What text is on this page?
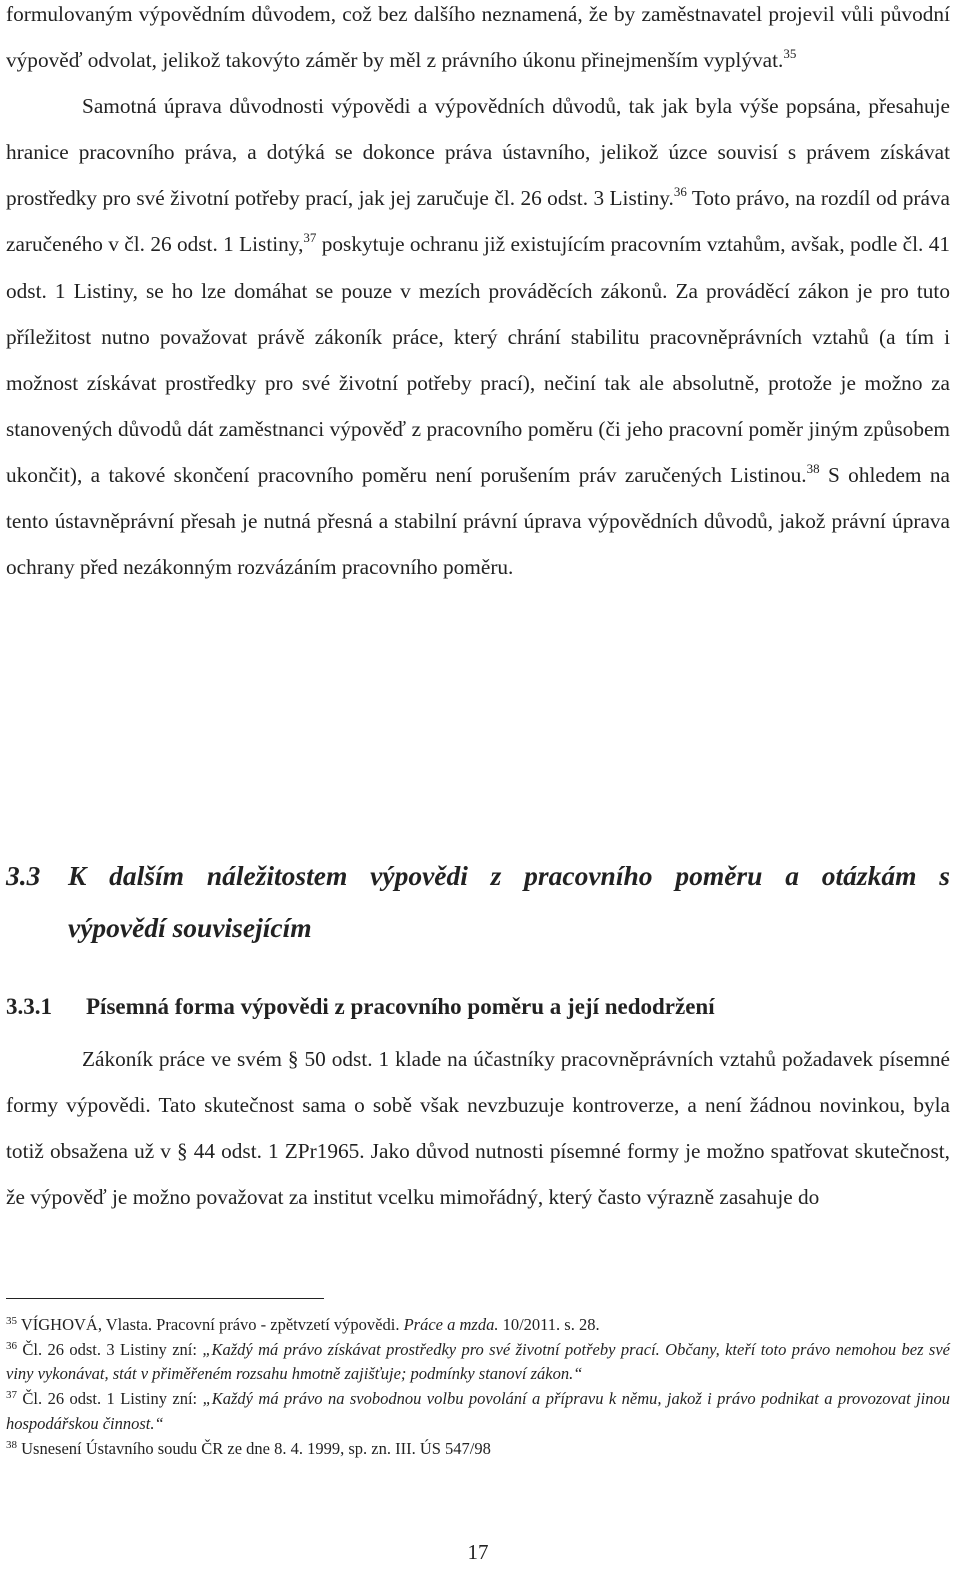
formulovaným výpovědním důvodem, což bez dalšího neznamená, že by zaměstnavatel projevil vůli původní výpověď odvolat, jelikož takovýto záměr by měl z právního úkonu přinejmenším vyplývat.$^{35}$

Samotná úprava důvodnosti výpovědi a výpovědních důvodů, tak jak byla výše popsána, přesahuje hranice pracovního práva, a dotýká se dokonce práva ústavního, jelikož úzce souvisí s právem získávat prostředky pro své životní potřeby prací, jak jej zaručuje čl. 26 odst. 3 Listiny.$^{36}$ Toto právo, na rozdíl od práva zaručeného v čl. 26 odst. 1 Listiny,$^{37}$ poskytuje ochranu již existujícím pracovním vztahům, avšak, podle čl. 41 odst. 1 Listiny, se ho lze domáhat se pouze v mezích prováděcích zákonů. Za prováděcí zákon je pro tuto příležitost nutno považovat právě zákoník práce, který chrání stabilitu pracovněprávních vztahů (a tím i možnost získávat prostředky pro své životní potřeby prací), nečiní tak ale absolutně, protože je možno za stanovených důvodů dát zaměstnanci výpověď z pracovního poměru (či jeho pracovní poměr jiným způsobem ukončit), a takové skončení pracovního poměru není porušením práv zaručených Listinou.$^{38}$ S ohledem na tento ústavněprávní přesah je nutná přesná a stabilní právní úprava výpovědních důvodů, jakož právní úprava ochrany před nezákonným rozvázáním pracovního poměru.

3.3 K dalším náležitostem výpovědi z pracovního poměru a otázkám s
výpovědí souvisejícím
3.3.1 Písemná forma výpovědi z pracovního poměru a její nedodržení

Zákoník práce ve svém § 50 odst. 1 klade na účastníky pracovněprávních vztahů požadavek písemné formy výpovědi. Tato skutečnost sama o sobě však nevzbuzuje kontroverze, a není žádnou novinkou, byla totiž obsažena už v § 44 odst. 1 ZPr1965. Jako důvod nutnosti písemné formy je možno spatřovat skutečnost, že výpověď je možno považovat za institut vcelku mimořádný, který často výrazně zasahuje do

$^{35}$ VÍGHOVÁ, Vlasta. Pracovní právo - zpětvzetí výpovědi. Práce a mzda. 10/2011. s. 28.

$^{36}$ Čl. 26 odst. 3 Listiny zní: „Každý má právo získávat prostředky pro své životní potřeby prací. Občany, kteří toto právo nemohou bez své viny vykonávat, stát v přiměřeném rozsahu hmotně zajišťuje; podmínky stanoví zákon.“

$^{37}$ Čl. 26 odst. 1 Listiny zní: „Každý má právo na svobodnou volbu povolání a přípravu k němu, jakož i právo podnikat a provozovat jinou hospodářskou činnost.“

$^{38}$ Usnesení Ústavního soudu ČR ze dne 8. 4. 1999, sp. zn. III. ÚS 547/98

17
